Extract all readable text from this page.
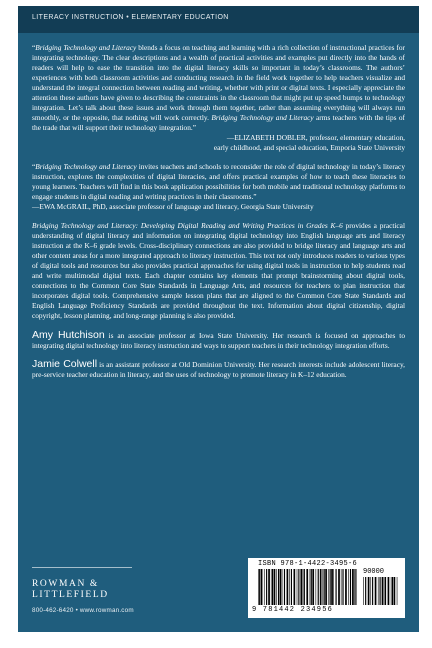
LITERACY INSTRUCTION • ELEMENTARY EDUCATION

“Bridging Technology and Literacy blends a focus on teaching and learning with a rich collection of instructional practices for integrating technology. The clear descriptions and a wealth of practical activities and examples put directly into the hands of readers will help to ease the transition into the digital literacy skills so important in today’s classrooms. The authors’ experiences with both classroom activities and conducting research in the field work together to help teachers visualize and understand the integral connection between reading and writing, whether with print or digital texts. I especially appreciate the attention these authors have given to describing the constraints in the classroom that might put up speed bumps to technology integration. Let’s talk about these issues and work through them together, rather than assuming everything will always run smoothly, or the opposite, that nothing will work correctly. Bridging Technology and Literacy arms teachers with the tips of the trade that will support their technology integration.”

—ELIZABETH DOBLER, professor, elementary education,
early childhood, and special education, Emporia State University

“Bridging Technology and Literacy invites teachers and schools to reconsider the role of digital technology in today’s literacy instruction, explores the complexities of digital literacies, and offers practical examples of how to teach these literacies to young learners. Teachers will find in this book application possibilities for both mobile and traditional technology platforms to engage students in digital reading and writing practices in their classrooms.”
—EWA McGRAIL, PhD, associate professor of language and literacy, Georgia State University

Bridging Technology and Literacy: Developing Digital Reading and Writing Practices in Grades K–6 provides a practical understanding of digital literacy and information on integrating digital technology into English language arts and literacy instruction at the K–6 grade levels. Cross-disciplinary connections are also provided to bridge literacy and language arts and other content areas for a more integrated approach to literacy instruction. This text not only introduces readers to various types of digital tools and resources but also provides practical approaches for using digital tools in instruction to help students read and write multimodal digital texts. Each chapter contains key elements that prompt brainstorming about digital tools, connections to the Common Core State Standards in Language Arts, and resources for teachers to plan instruction that incorporates digital tools. Comprehensive sample lesson plans that are aligned to the Common Core State Standards and English Language Proficiency Standards are provided throughout the text. Information about digital citizenship, digital copyright, lesson planning, and long-range planning is also provided.

Amy Hutchison is an associate professor at Iowa State University. Her research is focused on approaches to integrating digital technology into literacy instruction and ways to support teachers in their technology integration efforts.

Jamie Colwell is an assistant professor at Old Dominion University. Her research interests include adolescent literacy, pre-service teacher education in literacy, and the uses of technology to promote literacy in K–12 education.

ROWMAN &
LITTLEFIELD
800-462-6420 • www.rowman.com
ISBN 978-1-4422-3495-6
90000
9 781442 234956
